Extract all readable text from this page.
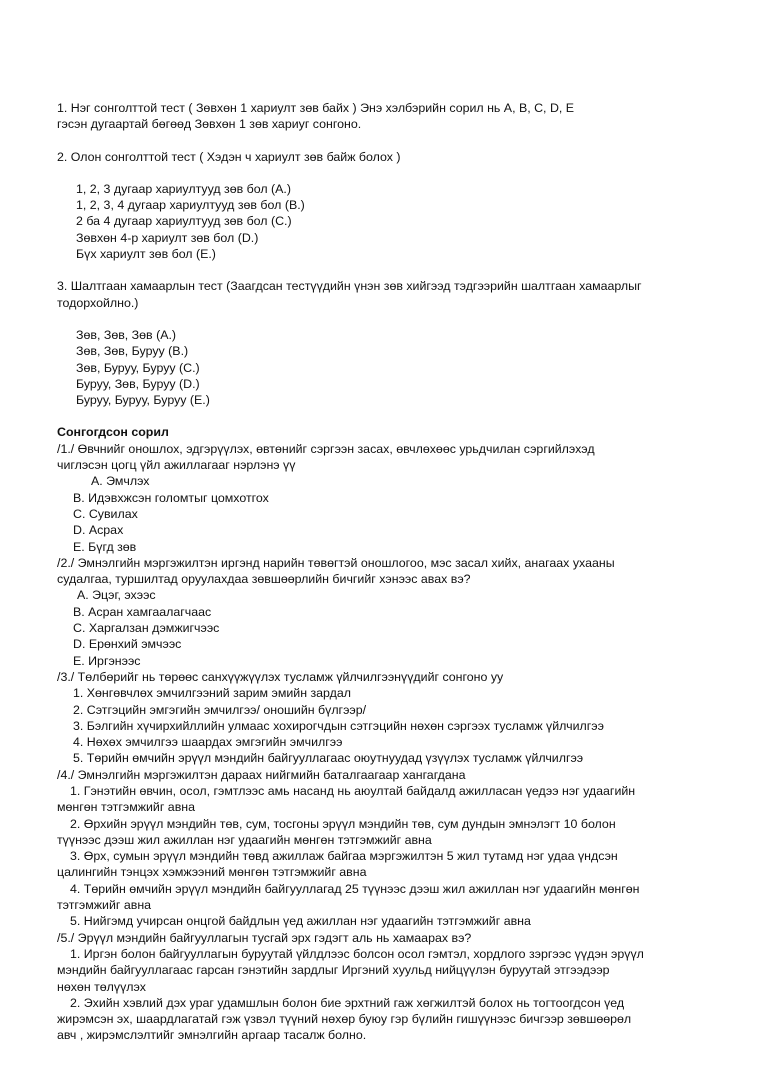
1. Нэг сонголттой тест ( Зөвхөн 1 хариулт зөв байх ) Энэ хэлбэрийн сорил нь А, В, С, D, Е

гэсэн дугаартай бөгөөд Зөвхөн 1 зөв хариуг сонгоно.

2. Олон сонголттой тест ( Хэдэн ч хариулт зөв байж болох )

1, 2, 3 дугаар хариултууд зөв бол (A.)

1, 2, 3, 4 дугаар хариултууд зөв бол (B.)

2 ба 4 дугаар хариултууд зөв бол (C.)

Зөвхөн 4-р хариулт зөв бол (D.)

Бүх хариулт зөв бол (E.)

3. Шалтгаан хамаарлын тест (Заагдсан тестүүдийн үнэн зөв хийгээд тэдгээрийн шалтгаан хамаарлыг

тодорхойлно.)

Зөв, Зөв, Зөв (A.)

Зөв, Зөв, Буруу (B.)

Зөв, Буруу, Буруу (C.)

Буруу, Зөв, Буруу (D.)

Буруу, Буруу, Буруу (E.)

Сонгогдсон сорил

/1./ Өвчнийг оношлох, эдгэрүүлэх, өвтөнийг сэргээн засах, өвчлөхөөс урьдчилан сэргийлэхэд

чиглэсэн цогц үйл ажиллагааг нэрлэнэ үү

А. Эмчлэх

B. Идэвхжсэн голомтыг цомхотгох

C. Сувилах

D. Асрах

E. Бүгд зөв

/2./ Эмнэлгийн мэргэжилтэн иргэнд нарийн төвөгтэй оношлогоо, мэс засал хийх, анагаах ухааны

судалгаа, туршилтад оруулахдаа зөвшөөрлийн бичгийг хэнээс авах вэ?

А. Эцэг, эхээс

B. Асран хамгаалагчаас

C. Харгалзан дэмжигчээс

D. Ерөнхий эмчээс

E. Иргэнээс

/3./ Төлбөрийг нь төрөөс санхүүжүүлэх тусламж үйлчилгээнүүдийг сонгоно уу

1. Хөнгөвчлөх эмчилгээний зарим эмийн зардал

2. Сэтгэцийн эмгэгийн эмчилгээ/ оношийн бүлгээр/

3. Бэлгийн хүчирхийллийн улмаас хохирогчдын сэтгэцийн нөхөн сэргээх тусламж үйлчилгээ

4. Нөхөх эмчилгээ шаардах эмгэгийн эмчилгээ

5. Төрийн өмчийн эрүүл мэндийн байгууллагаас оюутнуудад үзүүлэх тусламж үйлчилгээ

/4./ Эмнэлгийн мэргэжилтэн дараах нийгмийн баталгаагаар хангагдана

1. Гэнэтийн өвчин, осол, гэмтлээс амь насанд нь аюултай байдалд ажилласан үедээ нэг удаагийн

мөнгөн тэтгэмжийг авна

2. Өрхийн эрүүл мэндийн төв, сум, тосгоны эрүүл мэндийн төв, сум дундын эмнэлэгт 10 болон

түүнээс дээш жил ажиллан нэг удаагийн мөнгөн тэтгэмжийг авна

3. Өрх, сумын эрүүл мэндийн төвд ажиллаж байгаа мэргэжилтэн 5 жил тутамд нэг удаа үндсэн

цалингийн тэнцэх хэмжээний мөнгөн тэтгэмжийг авна

4. Төрийн өмчийн эрүүл мэндийн байгууллагад 25 түүнээс дээш жил ажиллан нэг удаагийн мөнгөн

тэтгэмжийг авна

5. Нийгэмд учирсан онцгой байдлын үед ажиллан нэг удаагийн тэтгэмжийг авна

/5./ Эрүүл мэндийн байгууллагын тусгай эрх гэдэгт аль нь хамаарах вэ?

1. Иргэн болон байгууллагын буруутай үйлдлээс болсон осол гэмтэл, хордлого зэргээс үүдэн эрүүл

мэндийн байгууллагаас гарсан гэнэтийн зардлыг Иргэний хуульд нийцүүлэн буруутай этгээдээр

нөхөн төлүүлэх

2. Эхийн хэвлий дэх ураг удамшлын болон бие эрхтний гаж хөгжилтэй болох нь тогтоогдсон үед

жирэмсэн эх, шаардлагатай гэж үзвэл түүний нөхөр буюу гэр бүлийн гишүүнээс бичгээр зөвшөөрөл

авч , жирэмслэлтийг эмнэлгийн аргаар тасалж болно.
